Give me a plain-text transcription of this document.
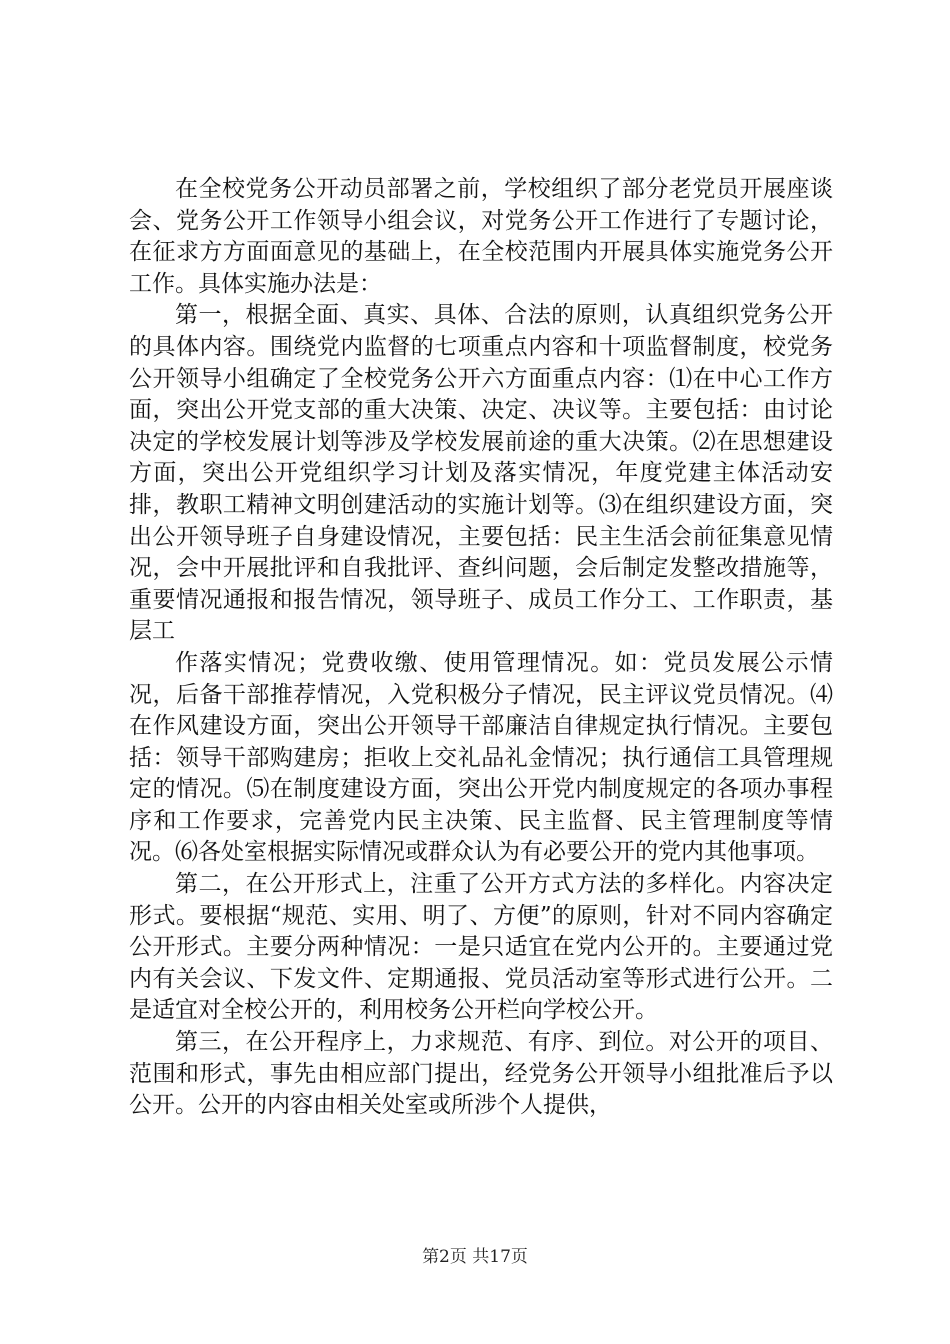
在全校党务公开动员部署之前，学校组织了部分老党员开展座谈会、党务公开工作领导小组会议，对党务公开工作进行了专题讨论，在征求方方面面意见的基础上，在全校范围内开展具体实施党务公开工作。具体实施办法是：

第一，根据全面、真实、具体、合法的原则，认真组织党务公开的具体内容。围绕党内监督的七项重点内容和十项监督制度，校党务公开领导小组确定了全校党务公开六方面重点内容：⑴在中心工作方面，突出公开党支部的重大决策、决定、决议等。主要包括：由讨论决定的学校发展计划等涉及学校发展前途的重大决策。⑵在思想建设方面，突出公开党组织学习计划及落实情况，年度党建主体活动安排，教职工精神文明创建活动的实施计划等。⑶在组织建设方面，突出公开领导班子自身建设情况，主要包括：民主生活会前征集意见情况，会中开展批评和自我批评、查纠问题，会后制定发整改措施等，重要情况通报和报告情况，领导班子、成员工作分工、工作职责，基层工

作落实情况；党费收缴、使用管理情况。如：党员发展公示情况，后备干部推荐情况，入党积极分子情况，民主评议党员情况。⑷在作风建设方面，突出公开领导干部廉洁自律规定执行情况。主要包括：领导干部购建房；拒收上交礼品礼金情况；执行通信工具管理规定的情况。⑸在制度建设方面，突出公开党内制度规定的各项办事程序和工作要求，完善党内民主决策、民主监督、民主管理制度等情况。⑹各处室根据实际情况或群众认为有必要公开的党内其他事项。

第二，在公开形式上，注重了公开方式方法的多样化。内容决定形式。要根据“规范、实用、明了、方便”的原则，针对不同内容确定公开形式。主要分两种情况：一是只适宜在党内公开的。主要通过党内有关会议、下发文件、定期通报、党员活动室等形式进行公开。二是适宜对全校公开的，利用校务公开栏向学校公开。

第三，在公开程序上，力求规范、有序、到位。对公开的项目、范围和形式，事先由相应部门提出，经党务公开领导小组批准后予以公开。公开的内容由相关处室或所涉个人提供，

第2页 共17页
